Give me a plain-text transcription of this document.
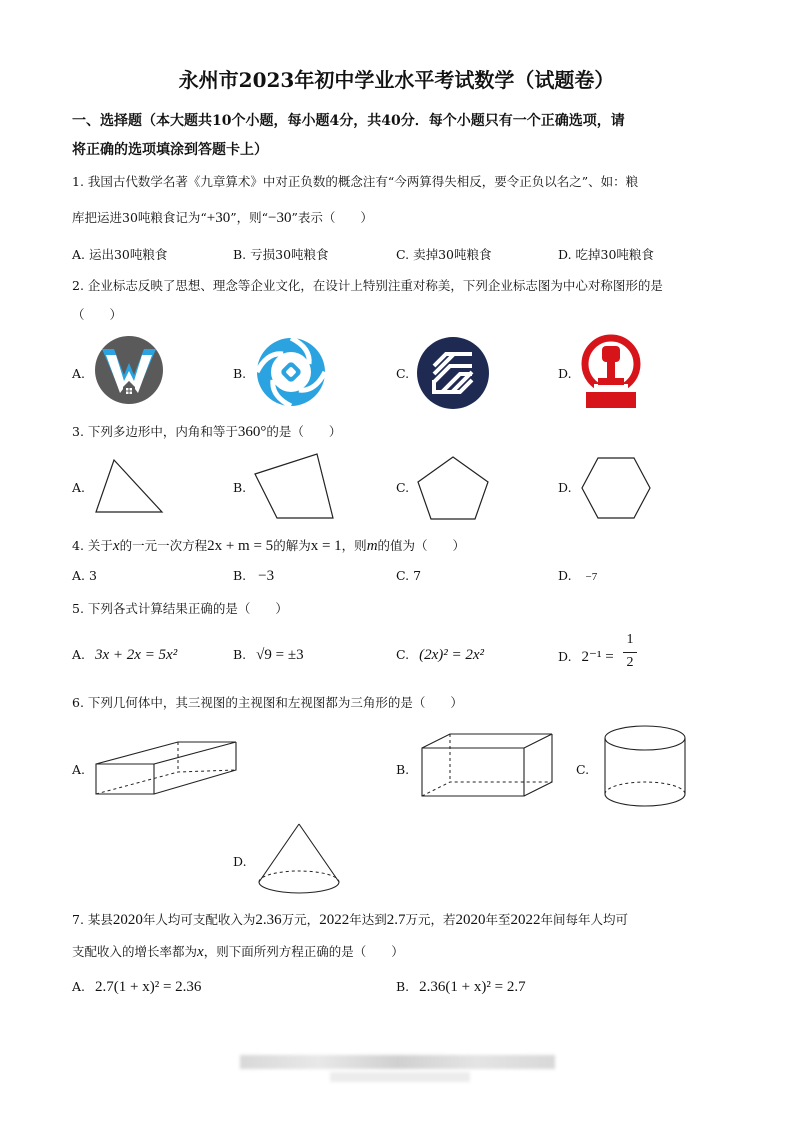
永州市2023年初中学业水平考试数学（试题卷）
一、选择题（本大题共10个小题，每小题4分，共40分．每个小题只有一个正确选项，请
将正确的选项填涂到答题卡上）
1. 我国古代数学名著《九章算术》中对正负数的概念注有“今两算得失相反，要令正负以名之”、如：粮
库把运进30吨粮食记为“+30”，则“−30”表示（　　）
A. 运出30吨粮食	B. 亏损30吨粮食	C. 卖掉30吨粮食	D. 吃掉30吨粮食
2. 企业标志反映了思想、理念等企业文化，在设计上特别注重对称美，下列企业标志图为中心对称图形的是
（　　）
A.	B.	C.	D.
3. 下列多边形中，内角和等于360°的是（　　）
A.	B.	C.	D.
4. 关于x的一元一次方程2x + m = 5的解为x = 1，则m的值为（　　）
A. 3	B. −3	C. 7	D. −7
5. 下列各式计算结果正确的是（　　）
A. 3x + 2x = 5x²	B. √9 = ±3	C. (2x)² = 2x²	D. 2⁻¹ =
1
2
6. 下列几何体中，其三视图的主视图和左视图都为三角形的是（　　）
A.	B.	C.
D.
7. 某县2020年人均可支配收入为2.36万元，2022年达到2.7万元，若2020年至2022年间每年人均可
支配收入的增长率都为x，则下面所列方程正确的是（　　）
A. 2.7(1 + x)² = 2.36	B. 2.36(1 + x)² = 2.7
